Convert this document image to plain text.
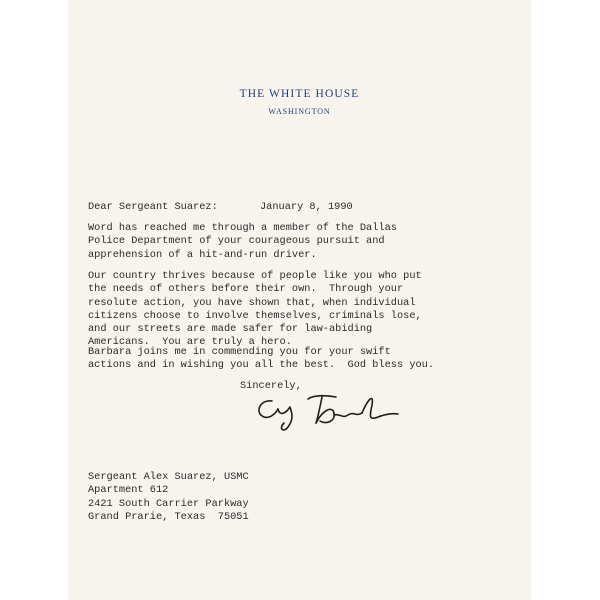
THE WHITE HOUSE
WASHINGTON
Dear Sergeant Suarez:	January 8, 1990
Word has reached me through a member of the Dallas
Police Department of your courageous pursuit and
apprehension of a hit-and-run driver.
Our country thrives because of people like you who put
the needs of others before their own.  Through your
resolute action, you have shown that, when individual
citizens choose to involve themselves, criminals lose,
and our streets are made safer for law-abiding
Americans.  You are truly a hero.
Barbara joins me in commending you for your swift
actions and in wishing you all the best.  God bless you.
Sincerely,
Sergeant Alex Suarez, USMC
Apartment 612
2421 South Carrier Parkway
Grand Prarie, Texas  75051
